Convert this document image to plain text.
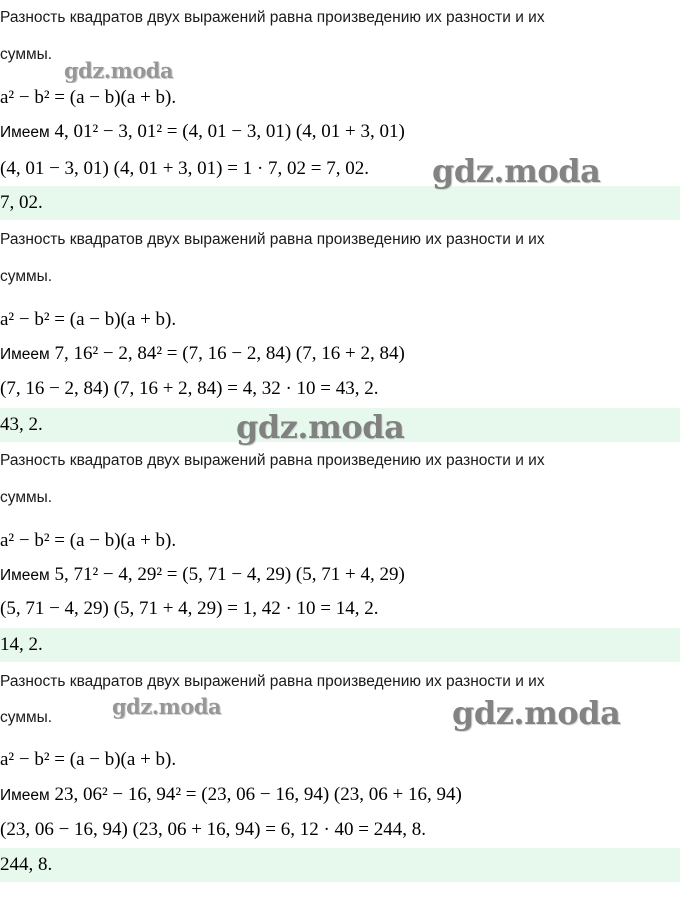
Разность квадратов двух выражений равна произведению их разности и их
суммы.
a² − b² = (a − b)(a + b).
Имеем 4, 01² − 3, 01² = (4, 01 − 3, 01) (4, 01 + 3, 01)
(4, 01 − 3, 01) (4, 01 + 3, 01) = 1 · 7, 02 = 7, 02.
7, 02.
Разность квадратов двух выражений равна произведению их разности и их
суммы.
a² − b² = (a − b)(a + b).
Имеем 7, 16² − 2, 84² = (7, 16 − 2, 84) (7, 16 + 2, 84)
(7, 16 − 2, 84) (7, 16 + 2, 84) = 4, 32 · 10 = 43, 2.
43, 2.
Разность квадратов двух выражений равна произведению их разности и их
суммы.
a² − b² = (a − b)(a + b).
Имеем 5, 71² − 4, 29² = (5, 71 − 4, 29) (5, 71 + 4, 29)
(5, 71 − 4, 29) (5, 71 + 4, 29) = 1, 42 · 10 = 14, 2.
14, 2.
Разность квадратов двух выражений равна произведению их разности и их
суммы.
a² − b² = (a − b)(a + b).
Имеем 23, 06² − 16, 94² = (23, 06 − 16, 94) (23, 06 + 16, 94)
(23, 06 − 16, 94) (23, 06 + 16, 94) = 6, 12 · 40 = 244, 8.
244, 8.
gdz.moda
gdz.moda
gdz.moda
gdz.moda	gdz.moda
